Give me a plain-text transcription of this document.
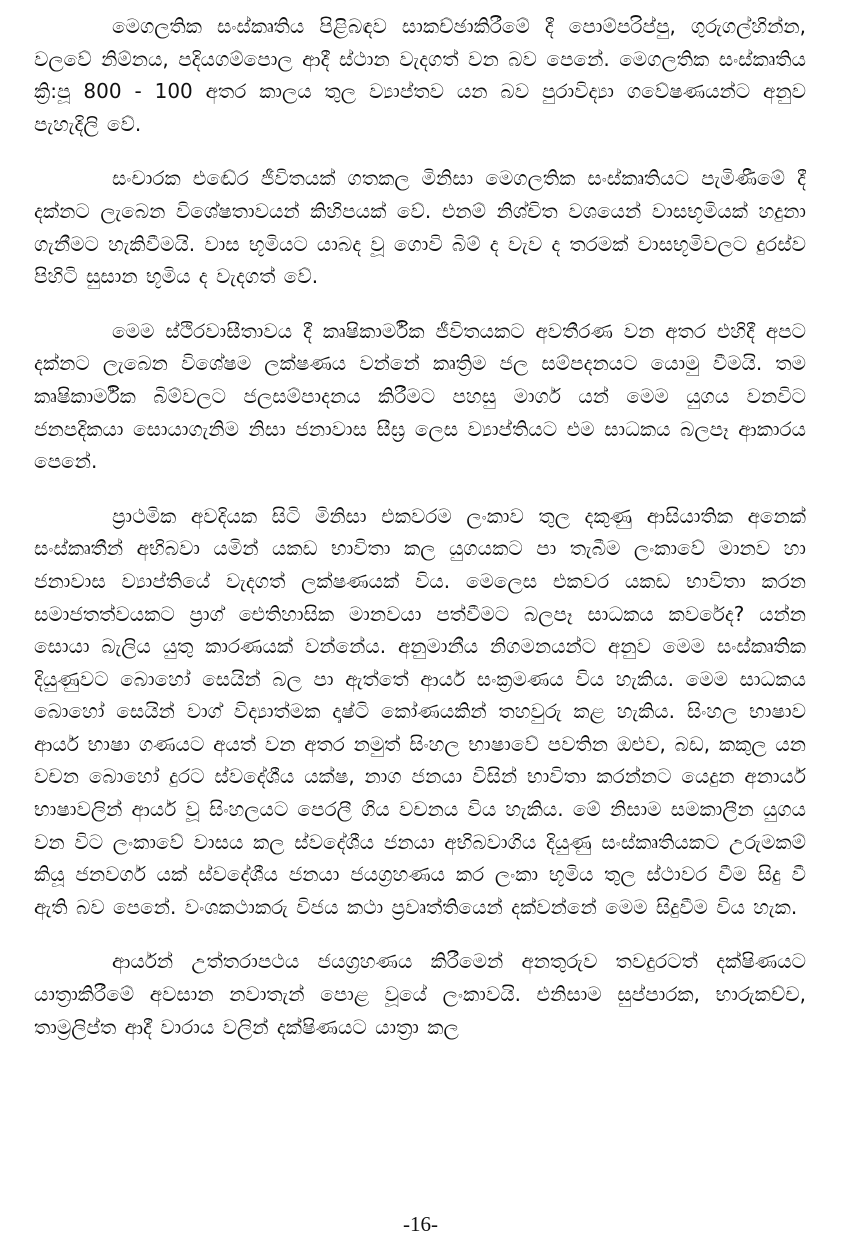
මෙගලතික සංස්කෘතිය පිළිබඳව සාකච්ඡාකිරීමේ දී පොම්පරිප්පු, ගුරුගල්හින්න, වලවේ නිම්නය, පදියගම්පොල ආදී ස්ථාන වැදගත් වන බව පෙනේ. මෙගලතික සංස්කෘතිය ක්‍රි:පූ 800 - 100 අතර කාලය තුල ව්‍යාප්තව යන බව පුරාවිද්‍යා ගවේෂණයන්ට අනුව පැහැදිලි වේ.

සංචාරක එඬේර ජීවිතයක් ගතකල මිනිසා මෙගලතික සංස්කෘතියට පැමිණීමේ දී දක්නට ලැබෙන විශේෂතාවයන් කිහිපයක් වේ. එනම් නිශ්චිත වශයෙන් වාසභූමියක් හදුනා ගැනීමට හැකිවීමයි. වාස භූමියට යාබද වූ ගොවි බිම් ද වැව ද තරමක් වාසභූමිවලට දුරස්ව පිහිටි සුසාන භූමිය ද වැදගත් වේ.

මෙම ස්ථිරවාසීතාවය දී කෘෂිකාර්මික ජීවිතයකට අවතීරණ වන අතර එහිදී අපට දක්නට ලැබෙන විශේෂම ලක්ෂණය වන්නේ කෘත්‍රිම ජල සම්පදනයට යොමු වීමයි. තම කෘෂිකාර්මික බිම්වලට ජලසම්පාදනය කිරීමට පහසු මාර්ග යන් මෙම යුගය වනවිට ජනපදිකයා සොයාගැනිම නිසා ජනාවාස සීඝ්‍ර ලෙස ව්‍යාප්තියට එම සාධකය බලපෑ ආකාරය පෙනේ.

ප්‍රාථමික අවදියක සිටි මිනිසා එකවරම ලංකාව තුල දකුණු ආසියාතික අනෙක් සංස්කෘතීන් අභිබවා යමින් යකඩ භාවිතා කල යුගයකට පා තැබීම ලංකාවේ මානව හා ජනාවාස ව්‍යාප්තියේ වැදගත් ලක්ෂණයක් විය. මෙලෙස එකවර යකඩ භාවිතා කරන සමාජතත්වයකට ප්‍රාග් ඓතිහාසික මානවයා පත්වීමට බලපෑ සාධකය කවරේද? යන්න සොයා බැලිය යුතු කාරණයක් වන්නේය. අනුමානීය නිගමනයන්ට අනුව මෙම සංස්කෘතික දියුණුවට බොහෝ සෙයින් බල පා ඇත්තේ ආර්ය සංක්‍රමණය විය හැකිය. මෙම සාධකය බොහෝ සෙයින් වාග් විද්‍යාත්මක දෘෂ්ටි කෝණයකින් තහවුරු කළ හැකිය. සිංහල භාෂාව ආර්ය භාෂා ගණයට අයත් වන අතර නමුත් සිංහල භාෂාවේ පවතින ඔළුව, බඩ, කකුල යන වචන බොහෝ දුරට ස්වදේශීය යක්ෂ, නාග ජනයා විසින් භාවිතා කරන්නට යෙදුන අනාර්ය භාෂාවලින් ආර්ය වූ සිංහලයට පෙරලී ගිය වචනය විය හැකිය. මේ නිසාම සමකාලීන යුගය වන විට ලංකාවේ වාසය කල ස්වදේශීය ජනයා අභිබවාගිය දියුණු සංස්කෘතියකට උරුමකම් කියූ ජනවර්ග යක් ස්වදේශීය ජනයා ජයග්‍රහණය කර ලංකා භූමිය තුල ස්ථාවර වීම සිදු වී ඇති බව පෙනේ. වංශකථාකරු විජය කථා ප්‍රවෘත්තියෙන් දක්වන්නේ මෙම සිදුවීම විය හැක.

ආර්යන් උත්තරාපථය ජයග්‍රහණය කිරීමෙන් අනතුරුව තවදුරටත් දක්ෂිණයට යාත්‍රාකිරීමේ අවසාන නවාතැන් පොළ වූයේ ලංකාවයි. එනිසාම සුප්පාරක, භාරුකච්ච, තාම්‍රලිප්ත ආදී වාරාය වලින් දක්ෂිණයට යාත්‍රා කල

-16-
